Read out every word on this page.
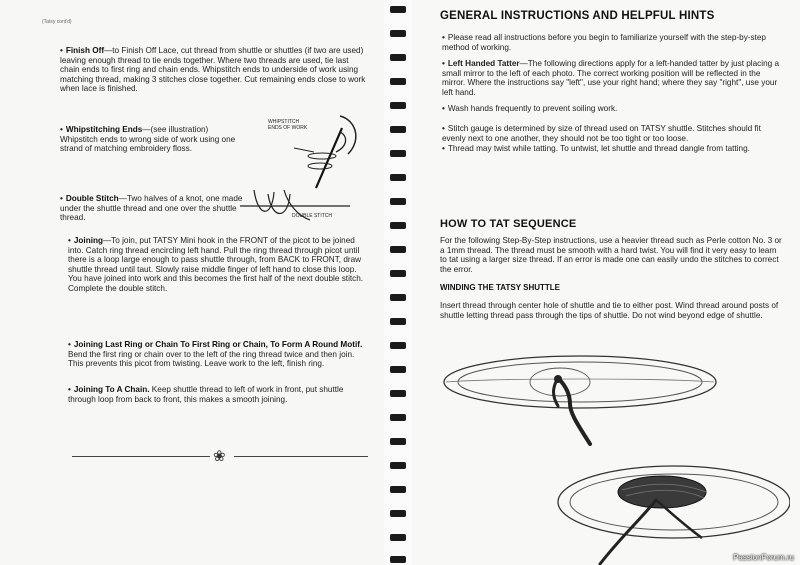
(Tatsy cont'd)
• Finish Off—to Finish Off Lace, cut thread from shuttle or shuttles (if two are used) leaving enough thread to tie ends together. Where two threads are used, tie last chain ends to first ring and chain ends. Whipstitch ends to underside of work using matching thread, making 3 stitches close together. Cut remaining ends close to work when lace is finished.
• Whipstitching Ends—(see illustration) Whipstitch ends to wrong side of work using one strand of matching embroidery floss.
WHIPSTITCH ENDS OF WORK
• Double Stitch—Two halves of a knot, one made under the shuttle thread and one over the shuttle thread.	DOUBLE STITCH
• Joining—To join, put TATSY Mini hook in the FRONT of the picot to be joined into. Catch ring thread encircling left hand. Pull the ring thread through picot until there is a loop large enough to pass shuttle through, from BACK to FRONT, draw shuttle thread until taut. Slowly raise middle finger of left hand to close this loop. You have joined into work and this becomes the first half of the next double stitch. Complete the double stitch.
• Joining Last Ring or Chain To First Ring or Chain, To Form A Round Motif. Bend the first ring or chain over to the left of the ring thread twice and then join. This prevents this picot from twisting. Leave work to the left, finish ring.
• Joining To A Chain. Keep shuttle thread to left of work in front, put shuttle through loop from back to front, this makes a smooth joining.
❀
GENERAL INSTRUCTIONS AND HELPFUL HINTS
• Please read all instructions before you begin to familiarize yourself with the step-by-step method of working.
• Left Handed Tatter—The following directions apply for a left-handed tatter by just placing a small mirror to the left of each photo. The correct working position will be reflected in the mirror. Where the instructions say "left", use your right hand; where they say "right", use your left hand.
• Wash hands frequently to prevent soiling work.
• Stitch gauge is determined by size of thread used on TATSY shuttle. Stitches should fit evenly next to one another, they should not be too tight or too loose.
• Thread may twist while tatting. To untwist, let shuttle and thread dangle from tatting.
HOW TO TAT SEQUENCE
For the following Step-By-Step instructions, use a heavier thread such as Perle cotton No. 3 or a 1mm thread. The thread must be smooth with a hard twist. You will find it very easy to learn to tat using a larger size thread. If an error is made one can easily undo the stitches to correct the error.
WINDING THE TATSY SHUTTLE
Insert thread through center hole of shuttle and tie to either post. Wind thread around posts of shuttle letting thread pass through the tips of shuttle. Do not wind beyond edge of shuttle.
PassionForum.ru
